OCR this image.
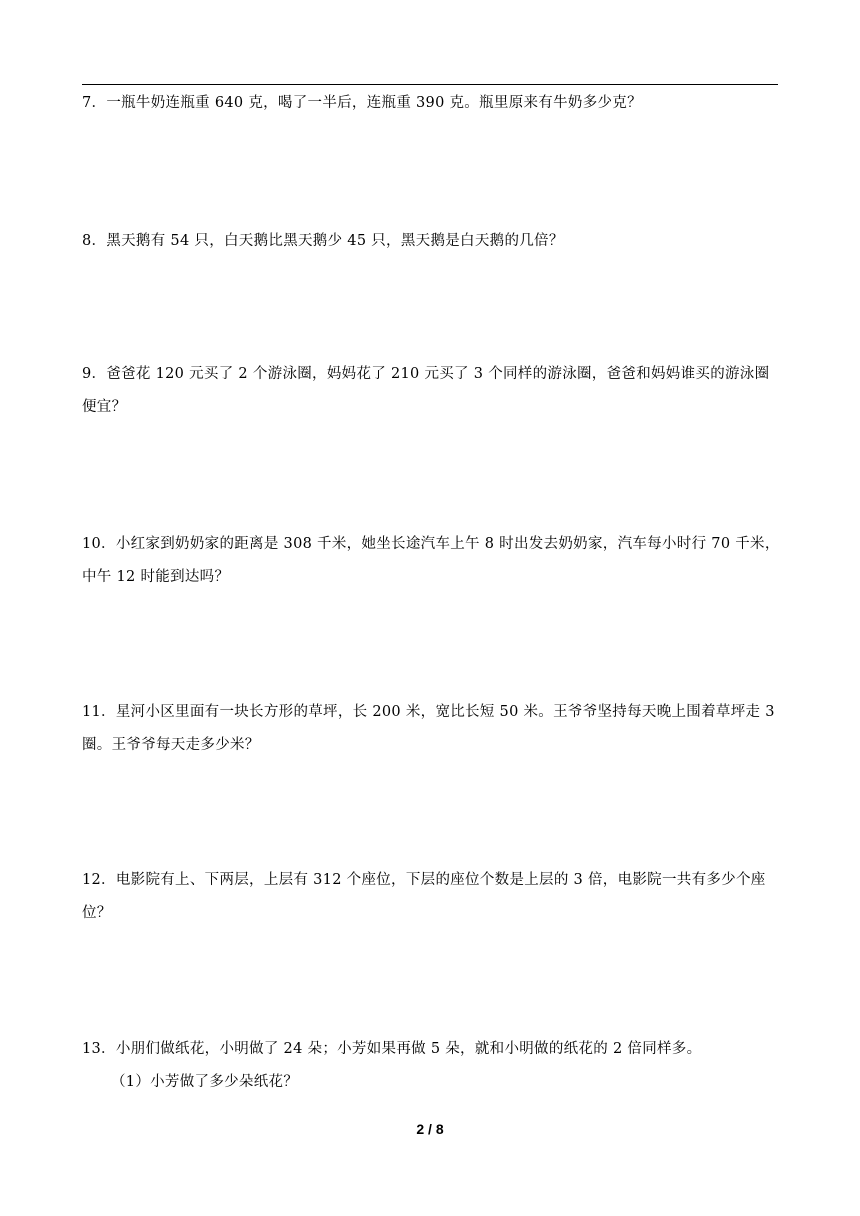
7．一瓶牛奶连瓶重 640 克，喝了一半后，连瓶重 390 克。瓶里原来有牛奶多少克？

8．黑天鹅有 54 只，白天鹅比黑天鹅少 45 只，黑天鹅是白天鹅的几倍？

9．爸爸花 120 元买了 2 个游泳圈，妈妈花了 210 元买了 3 个同样的游泳圈，爸爸和妈妈谁买的游泳圈便宜？

10．小红家到奶奶家的距离是 308 千米，她坐长途汽车上午 8 时出发去奶奶家，汽车每小时行 70 千米，中午 12 时能到达吗？

11．星河小区里面有一块长方形的草坪，长 200 米，宽比长短 50 米。王爷爷坚持每天晚上围着草坪走 3 圈。王爷爷每天走多少米？

12．电影院有上、下两层，上层有 312 个座位，下层的座位个数是上层的 3 倍，电影院一共有多少个座位？

13．小朋们做纸花，小明做了 24 朵；小芳如果再做 5 朵，就和小明做的纸花的 2 倍同样多。

（1）小芳做了多少朵纸花？

2 / 8
